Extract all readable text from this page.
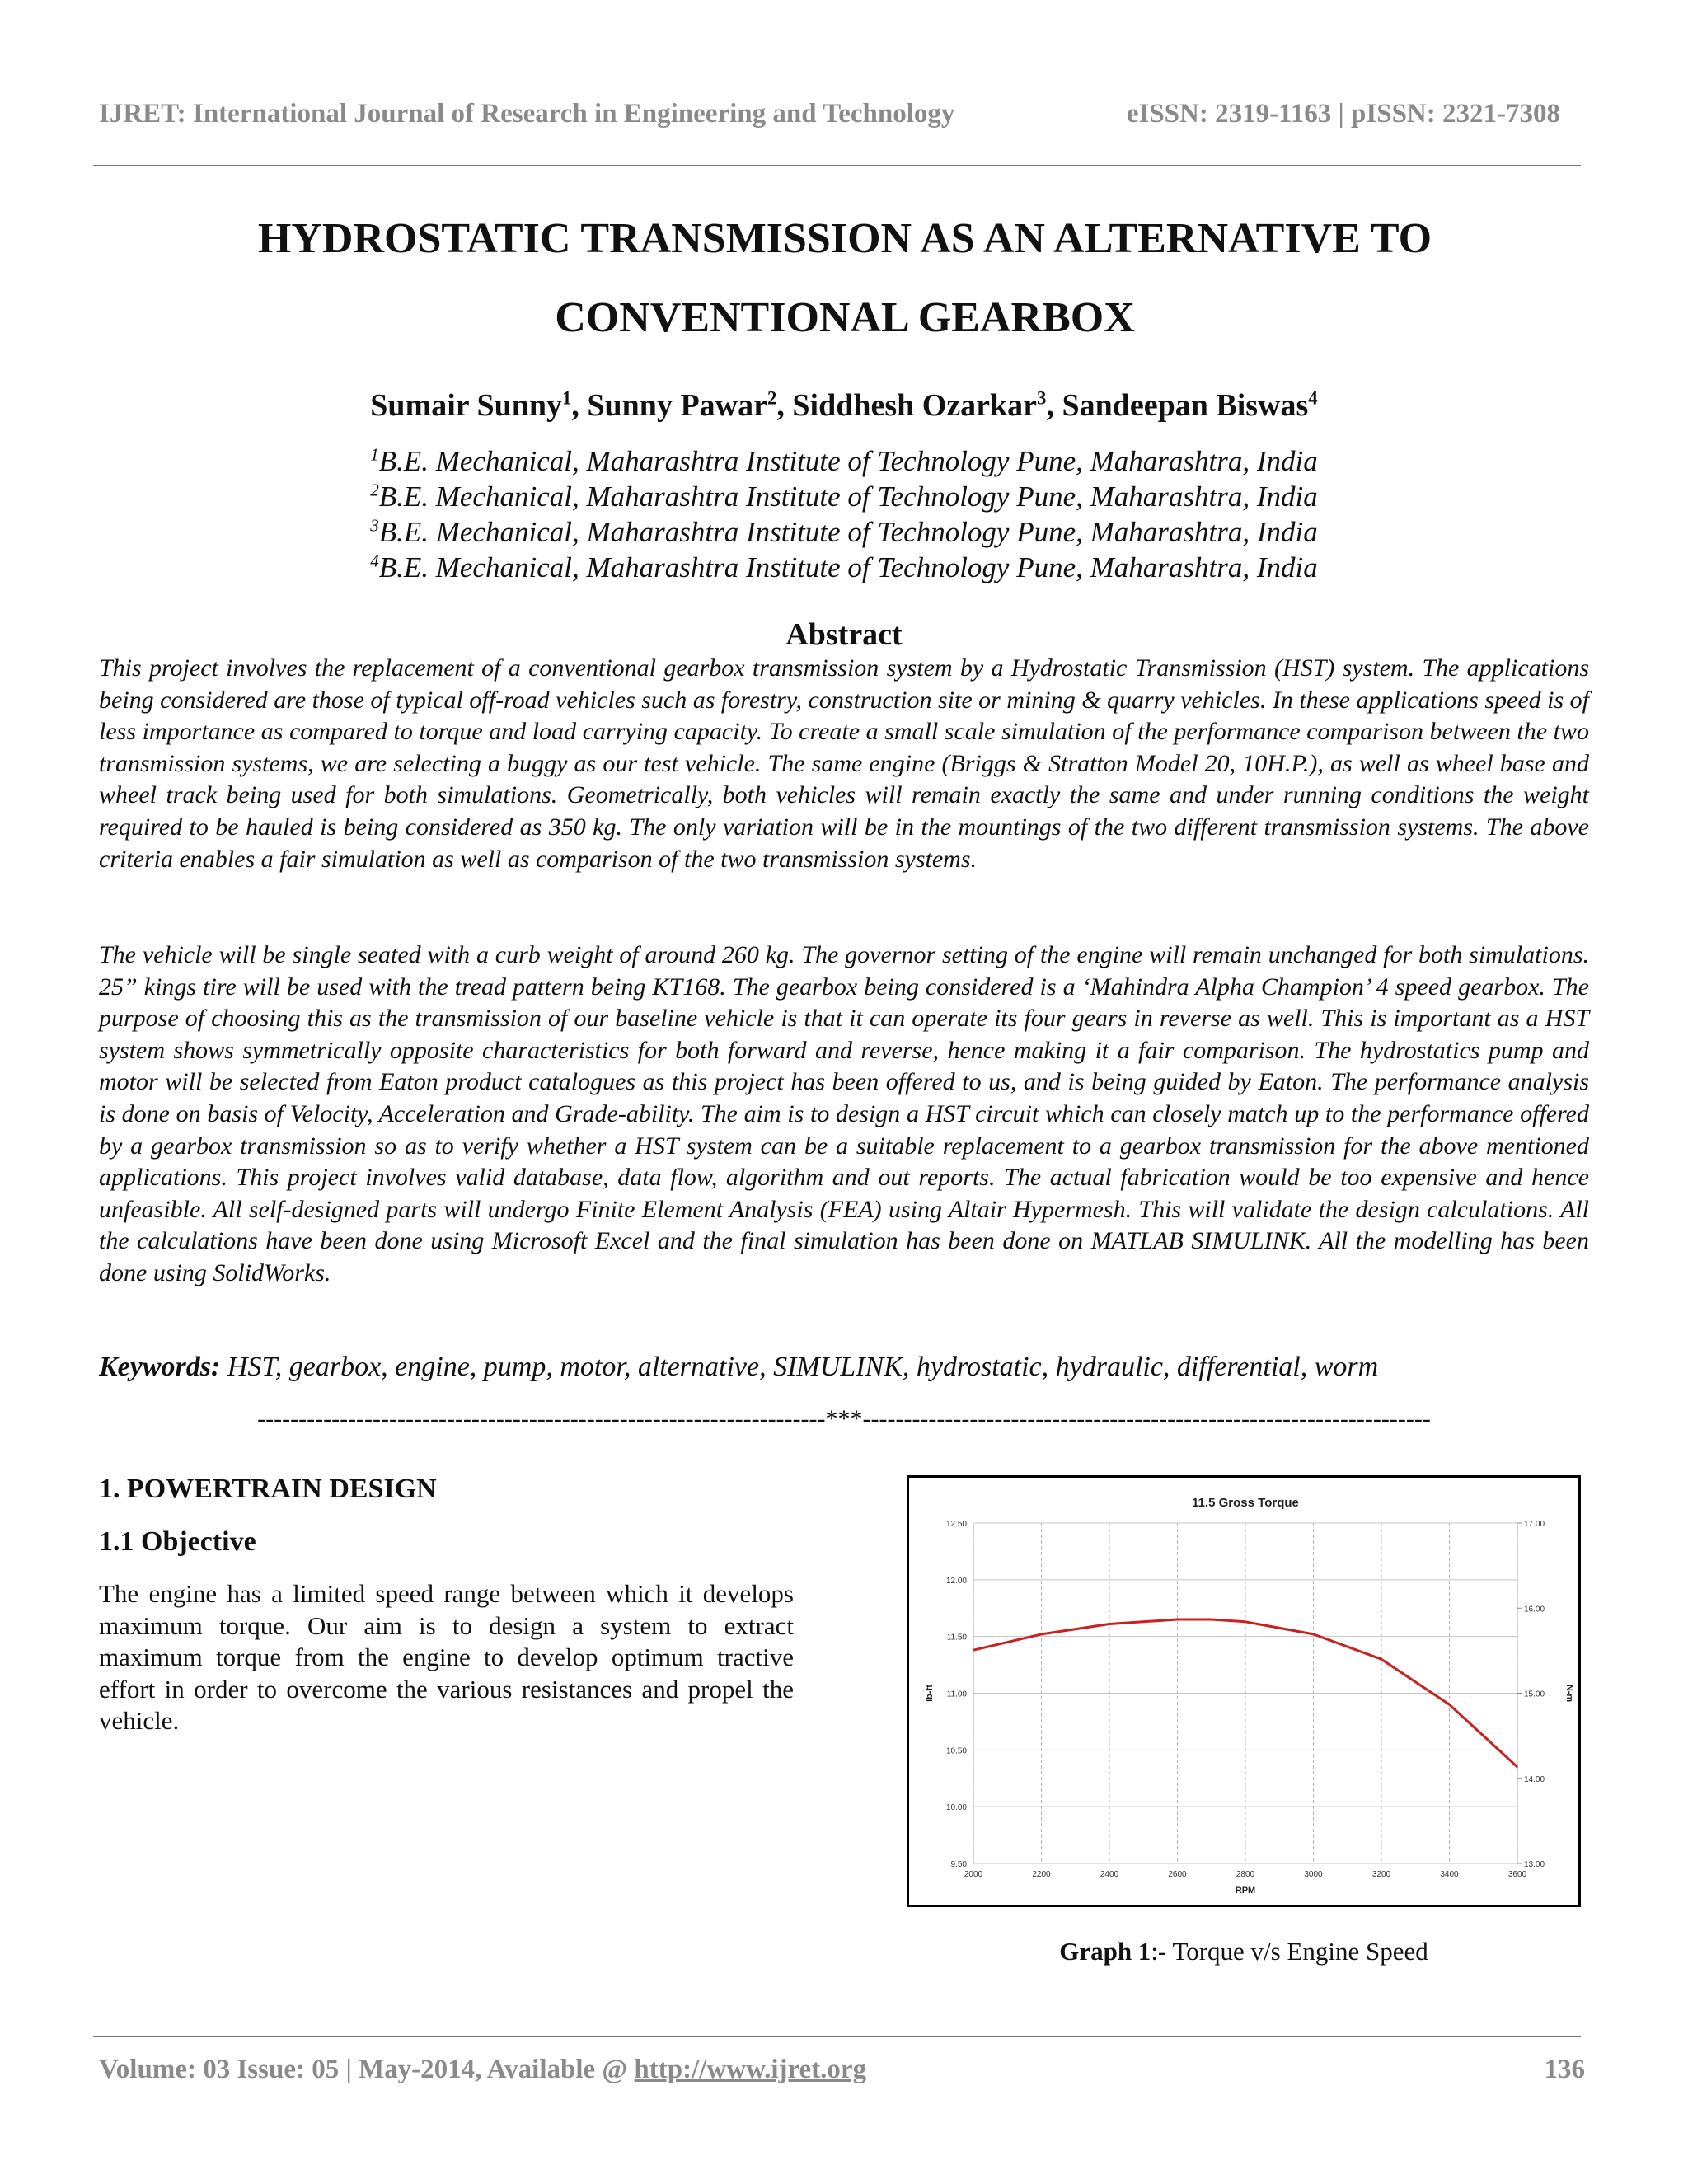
IJRET: International Journal of Research in Engineering and Technology	eISSN: 2319-1163 | pISSN: 2321-7308
HYDROSTATIC TRANSMISSION AS AN ALTERNATIVE TO CONVENTIONAL GEARBOX
Sumair Sunny$^1$, Sunny Pawar$^2$, Siddhesh Ozarkar$^3$, Sandeepan Biswas$^4$
$^1$B.E. Mechanical, Maharashtra Institute of Technology Pune, Maharashtra, India
$^2$B.E. Mechanical, Maharashtra Institute of Technology Pune, Maharashtra, India
$^3$B.E. Mechanical, Maharashtra Institute of Technology Pune, Maharashtra, India
$^4$B.E. Mechanical, Maharashtra Institute of Technology Pune, Maharashtra, India
Abstract

This project involves the replacement of a conventional gearbox transmission system by a Hydrostatic Transmission (HST) system. The applications being considered are those of typical off-road vehicles such as forestry, construction site or mining & quarry vehicles. In these applications speed is of less importance as compared to torque and load carrying capacity. To create a small scale simulation of the performance comparison between the two transmission systems, we are selecting a buggy as our test vehicle. The same engine (Briggs & Stratton Model 20, 10H.P.), as well as wheel base and wheel track being used for both simulations. Geometrically, both vehicles will remain exactly the same and under running conditions the weight required to be hauled is being considered as 350 kg. The only variation will be in the mountings of the two different transmission systems. The above criteria enables a fair simulation as well as comparison of the two transmission systems.

The vehicle will be single seated with a curb weight of around 260 kg. The governor setting of the engine will remain unchanged for both simulations. 25” kings tire will be used with the tread pattern being KT168. The gearbox being considered is a ‘Mahindra Alpha Champion’ 4 speed gearbox. The purpose of choosing this as the transmission of our baseline vehicle is that it can operate its four gears in reverse as well. This is important as a HST system shows symmetrically opposite characteristics for both forward and reverse, hence making it a fair comparison. The hydrostatics pump and motor will be selected from Eaton product catalogues as this project has been offered to us, and is being guided by Eaton. The performance analysis is done on basis of Velocity, Acceleration and Grade-ability. The aim is to design a HST circuit which can closely match up to the performance offered by a gearbox transmission so as to verify whether a HST system can be a suitable replacement to a gearbox transmission for the above mentioned applications. This project involves valid database, data flow, algorithm and out reports. The actual fabrication would be too expensive and hence unfeasible. All self-designed parts will undergo Finite Element Analysis (FEA) using Altair Hypermesh. This will validate the design calculations. All the calculations have been done using Microsoft Excel and the final simulation has been done on MATLAB SIMULINK. All the modelling has been done using SolidWorks.

Keywords: HST, gearbox, engine, pump, motor, alternative, SIMULINK, hydrostatic, hydraulic, differential, worm
---------------------------------------------------------------------***---------------------------------------------------------------------
1. POWERTRAIN DESIGN
1.1 Objective

The engine has a limited speed range between which it develops maximum torque. Our aim is to design a system to extract maximum torque from the engine to develop optimum tractive effort in order to overcome the various resistances and propel the vehicle.

2000	2200	2400	2600	2800	3000	3200	3400	3600
9.50
10.00
10.50
11.00
11.50
12.00
12.50
13.00
14.00
15.00
16.00
17.00
11.5 Gross Torque
RPM
lb-ft	N-m
Graph 1:- Torque v/s Engine Speed
Volume: 03 Issue: 05 | May-2014, Available @ http://www.ijret.org	136
